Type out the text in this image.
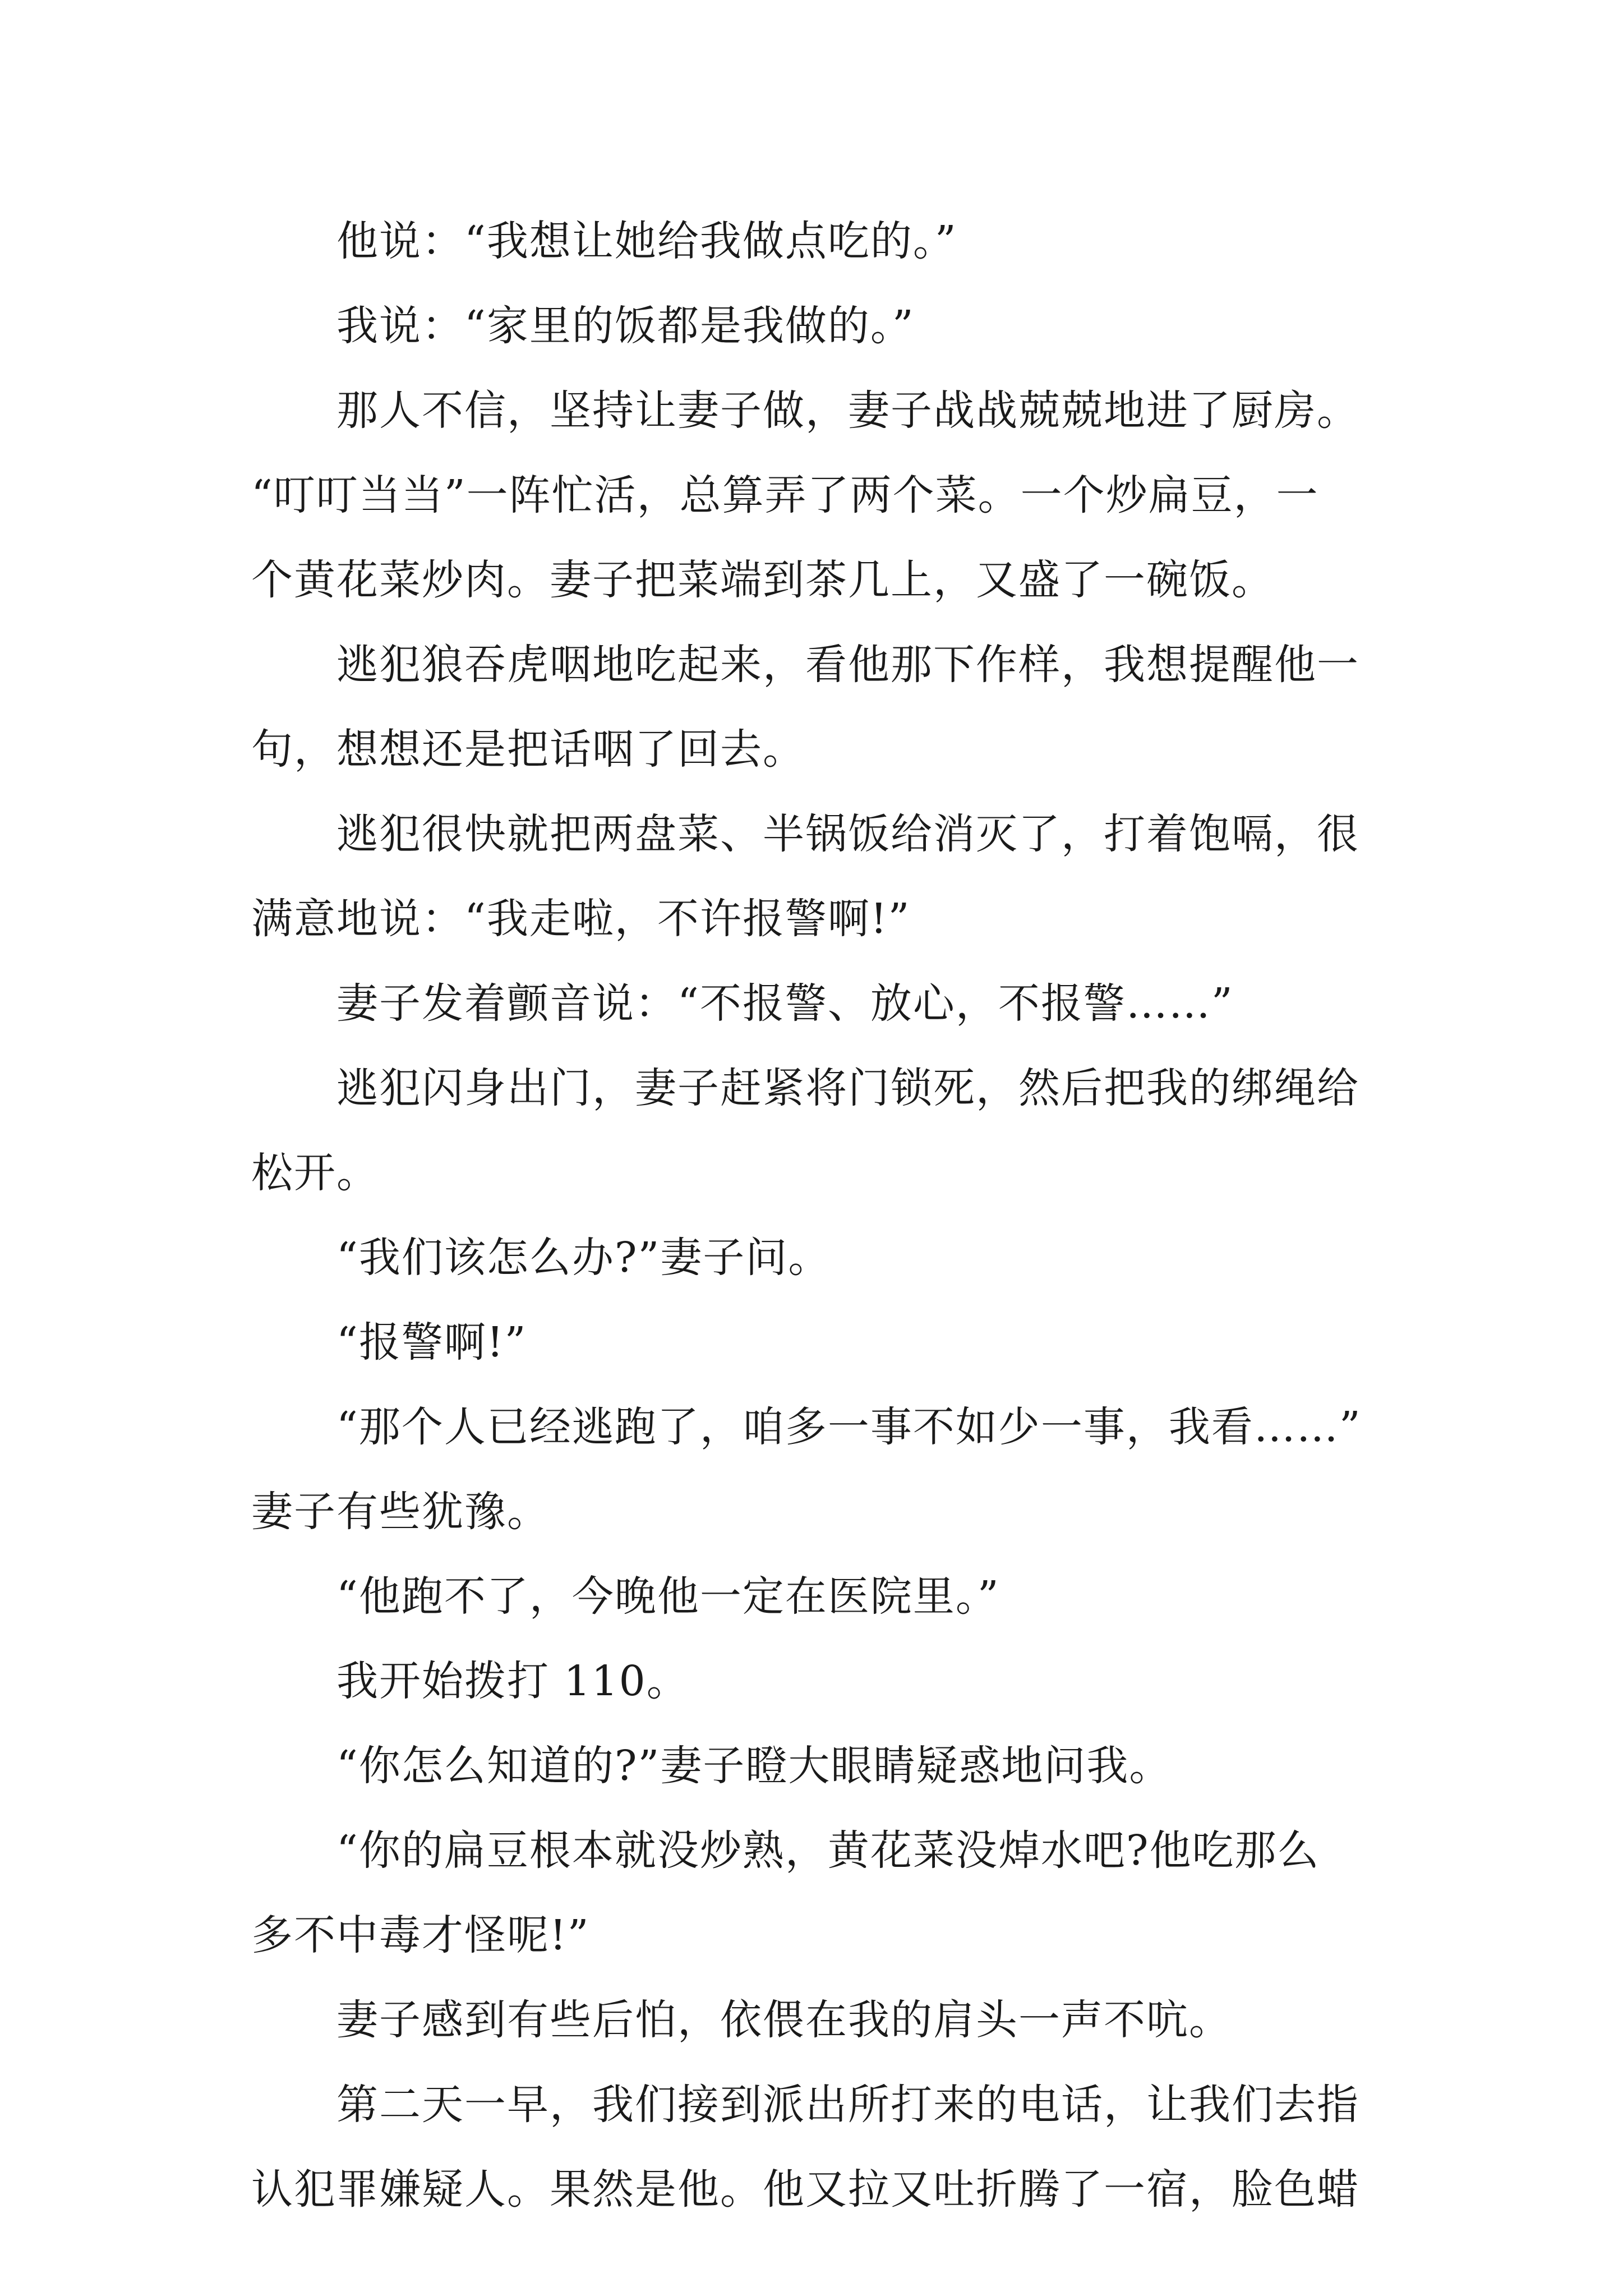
他说：“我想让她给我做点吃的。”
我说：“家里的饭都是我做的。”
那人不信，坚持让妻子做，妻子战战兢兢地进了厨房。
“叮叮当当”一阵忙活，总算弄了两个菜。一个炒扁豆，一
个黄花菜炒肉。妻子把菜端到茶几上，又盛了一碗饭。
逃犯狼吞虎咽地吃起来，看他那下作样，我想提醒他一
句，想想还是把话咽了回去。
逃犯很快就把两盘菜、半锅饭给消灭了，打着饱嗝，很
满意地说：“我走啦，不许报警啊!”
妻子发着颤音说：“不报警、放心，不报警……”
逃犯闪身出门，妻子赶紧将门锁死，然后把我的绑绳给
松开。
“我们该怎么办?”妻子问。
“报警啊!”
“那个人已经逃跑了，咱多一事不如少一事，我看……”
妻子有些犹豫。
“他跑不了，今晚他一定在医院里。”
我开始拨打 110。
“你怎么知道的?”妻子瞪大眼睛疑惑地问我。
“你的扁豆根本就没炒熟，黄花菜没焯水吧?他吃那么
多不中毒才怪呢!”
妻子感到有些后怕，依偎在我的肩头一声不吭。
第二天一早，我们接到派出所打来的电话，让我们去指
认犯罪嫌疑人。果然是他。他又拉又吐折腾了一宿，脸色蜡
